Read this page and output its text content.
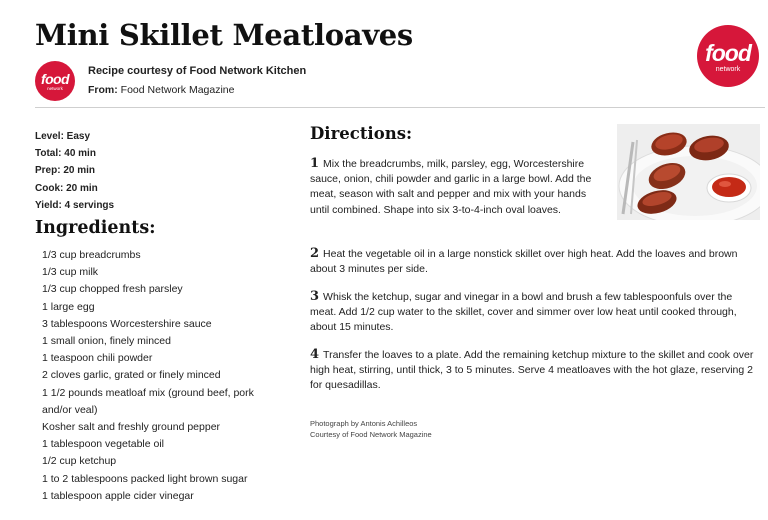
Mini Skillet Meatloaves
food
network
food
network
Recipe courtesy of Food Network Kitchen
From: Food Network Magazine
Level: Easy
Total: 40 min
Prep: 20 min
Cook: 20 min
Yield: 4 servings
Ingredients:
1/3 cup breadcrumbs
1/3 cup milk
1/3 cup chopped fresh parsley
1 large egg
3 tablespoons Worcestershire sauce
1 small onion, finely minced
1 teaspoon chili powder
2 cloves garlic, grated or finely minced
1 1/2 pounds meatloaf mix (ground beef, pork and/or veal)
Kosher salt and freshly ground pepper
1 tablespoon vegetable oil
1/2 cup ketchup
1 to 2 tablespoons packed light brown sugar
1 tablespoon apple cider vinegar
Directions:
1 Mix the breadcrumbs, milk, parsley, egg, Worcestershire sauce, onion, chili powder and garlic in a large bowl. Add the meat, season with salt and pepper and mix with your hands until combined. Shape into six 3-to-4-inch oval loaves.
2 Heat the vegetable oil in a large nonstick skillet over high heat. Add the loaves and brown about 3 minutes per side.
3 Whisk the ketchup, sugar and vinegar in a bowl and brush a few tablespoonfuls over the meat. Add 1/2 cup water to the skillet, cover and simmer over low heat until cooked through, about 15 minutes.
4 Transfer the loaves to a plate. Add the remaining ketchup mixture to the skillet and cook over high heat, stirring, until thick, 3 to 5 minutes. Serve 4 meatloaves with the hot glaze, reserving 2 for quesadillas.
Photograph by Antonis Achilleos
Courtesy of Food Network Magazine
